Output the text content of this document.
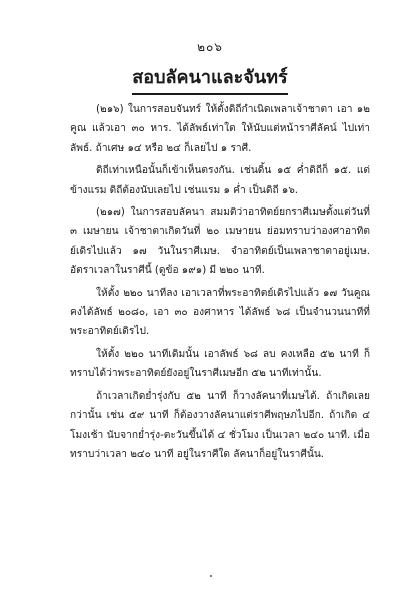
๒๐๖
สอบลัคนาและจันทร์

(๒๑๖) ในการสอบจันทร์ ให้ตั้งดิถีกำเนิดเพลาเจ้าชาตา เอา ๑๒ คูณ แล้วเอา ๓๐ หาร. ได้ลัพธ์เท่าใด ให้นับแต่หน้าราศีลัคน์ ไปเท่าลัพธ์. ถ้าเศษ ๑๔ หรือ ๒๔ ก็เลยไป ๑ ราศี.

ดิถีเท่าเหนือนั้นก็เข้าเห็นตรงกัน. เช่นดิ้น ๑๕ ค่ำดิถีก็ ๑๕. แต่ข้างแรม ดิถีต้องนับเลยไป เช่นแรม ๑ ค่ำ เป็นดิถี ๑๖.

(๒๑๗) ในการสอบลัคนา สมมติว่าอาทิตย์ยกราศีเมษตั้งแต่วันที่ ๓ เมษายน เจ้าชาตาเกิดวันที่ ๒๐ เมษายน ย่อมทราบว่าองศาอาทิตย์เดิรไปแล้ว ๑๗ วันในราศีเมษ. จำอาทิตย์เป็นเพลาชาตาอยู่เมษ. อัตราเวลาในราศีนี้ (ดูข้อ ๑๙๑) มี ๒๒๐ นาที.

ให้ตั้ง ๒๒๐ นาทีลง เอาเวลาที่พระอาทิตย์เดิรไปแล้ว ๑๗ วันคูณ คงได้ลัพธ์ ๒๐๘๐, เอา ๓๐ องศาหาร ได้ลัพธ์ ๖๘ เป็นจำนวนนาทีที่พระอาทิตย์เดิรไป.

ให้ตั้ง ๒๒๐ นาทีเดิมนั้น เอาลัพธ์ ๖๘ ลบ คงเหลือ ๕๒ นาที ก็ทราบได้ว่าพระอาทิตย์ยังอยู่ในราศีเมษอีก ๕๒ นาทีเท่านั้น.

ถ้าเวลาเกิดย่ำรุ่งกับ ๕๒ นาที ก็วางลัคนาที่เมษได้. ถ้าเกิดเลยกว่านั้น เช่น ๕๙ นาที ก็ต้องวางลัคนาแต่ราศีพฤษภไปอีก. ถ้าเกิด ๔ โมงเช้า นับจากย่ำรุ่ง-ตะวันขึ้นได้ ๔ ชั่วโมง เป็นเวลา ๒๔๐ นาที. เมื่อทราบว่าเวลา ๒๔๐ นาที อยู่ในราศีใด ลัคนาก็อยู่ในราศีนั้น.
